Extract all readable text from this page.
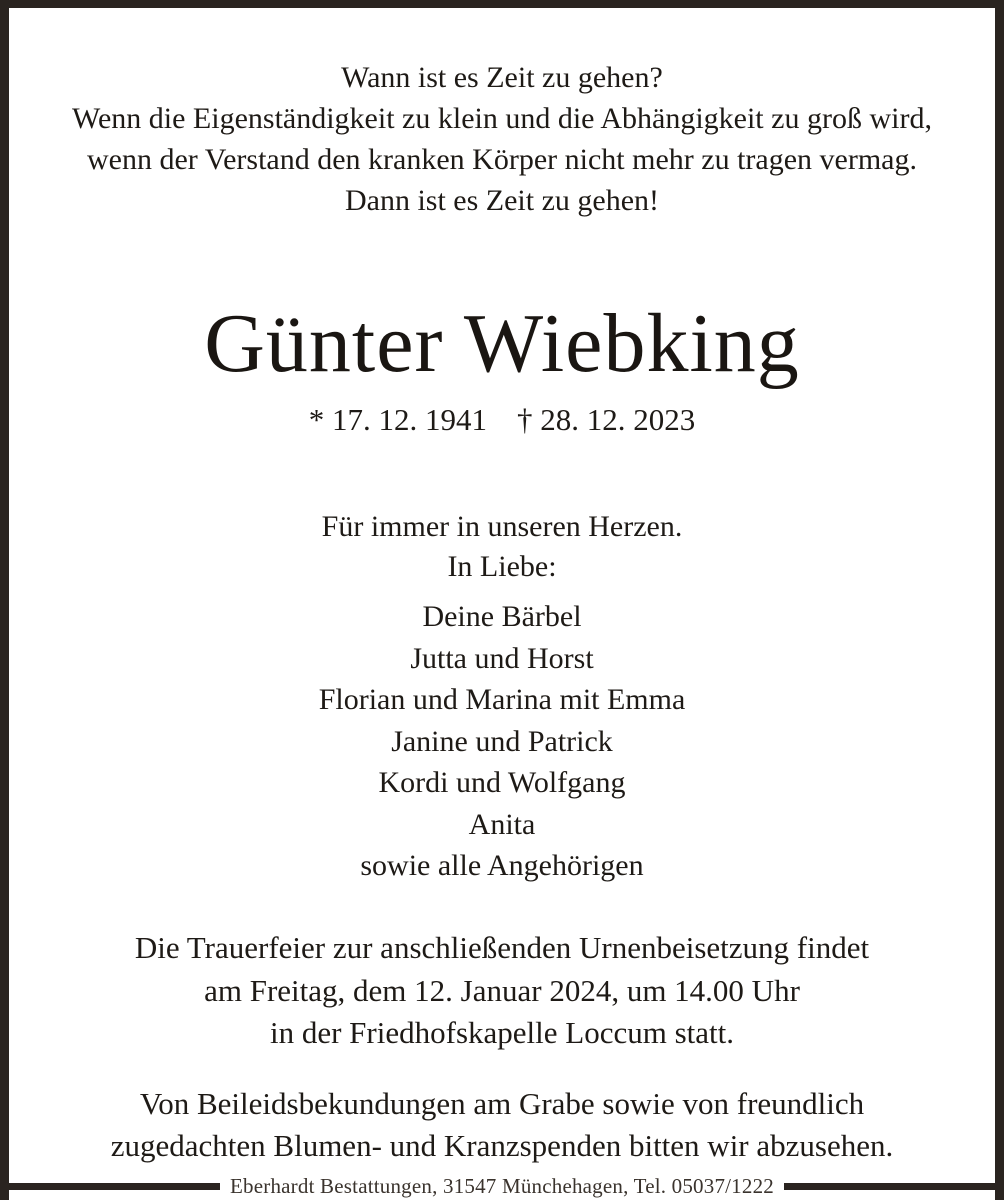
Wann ist es Zeit zu gehen?
Wenn die Eigenständigkeit zu klein und die Abhängigkeit zu groß wird,
wenn der Verstand den kranken Körper nicht mehr zu tragen vermag.
Dann ist es Zeit zu gehen!
Günter Wiebking
* 17. 12. 1941 † 28. 12. 2023
Für immer in unseren Herzen.
In Liebe:
Deine Bärbel
Jutta und Horst
Florian und Marina mit Emma
Janine und Patrick
Kordi und Wolfgang
Anita
sowie alle Angehörigen
Die Trauerfeier zur anschließenden Urnenbeisetzung findet
am Freitag, dem 12. Januar 2024, um 14.00 Uhr
in der Friedhofskapelle Loccum statt.
Von Beileidsbekundungen am Grabe sowie von freundlich
zugedachten Blumen- und Kranzspenden bitten wir abzusehen.
Eberhardt Bestattungen, 31547 Münchehagen, Tel. 05037/1222
